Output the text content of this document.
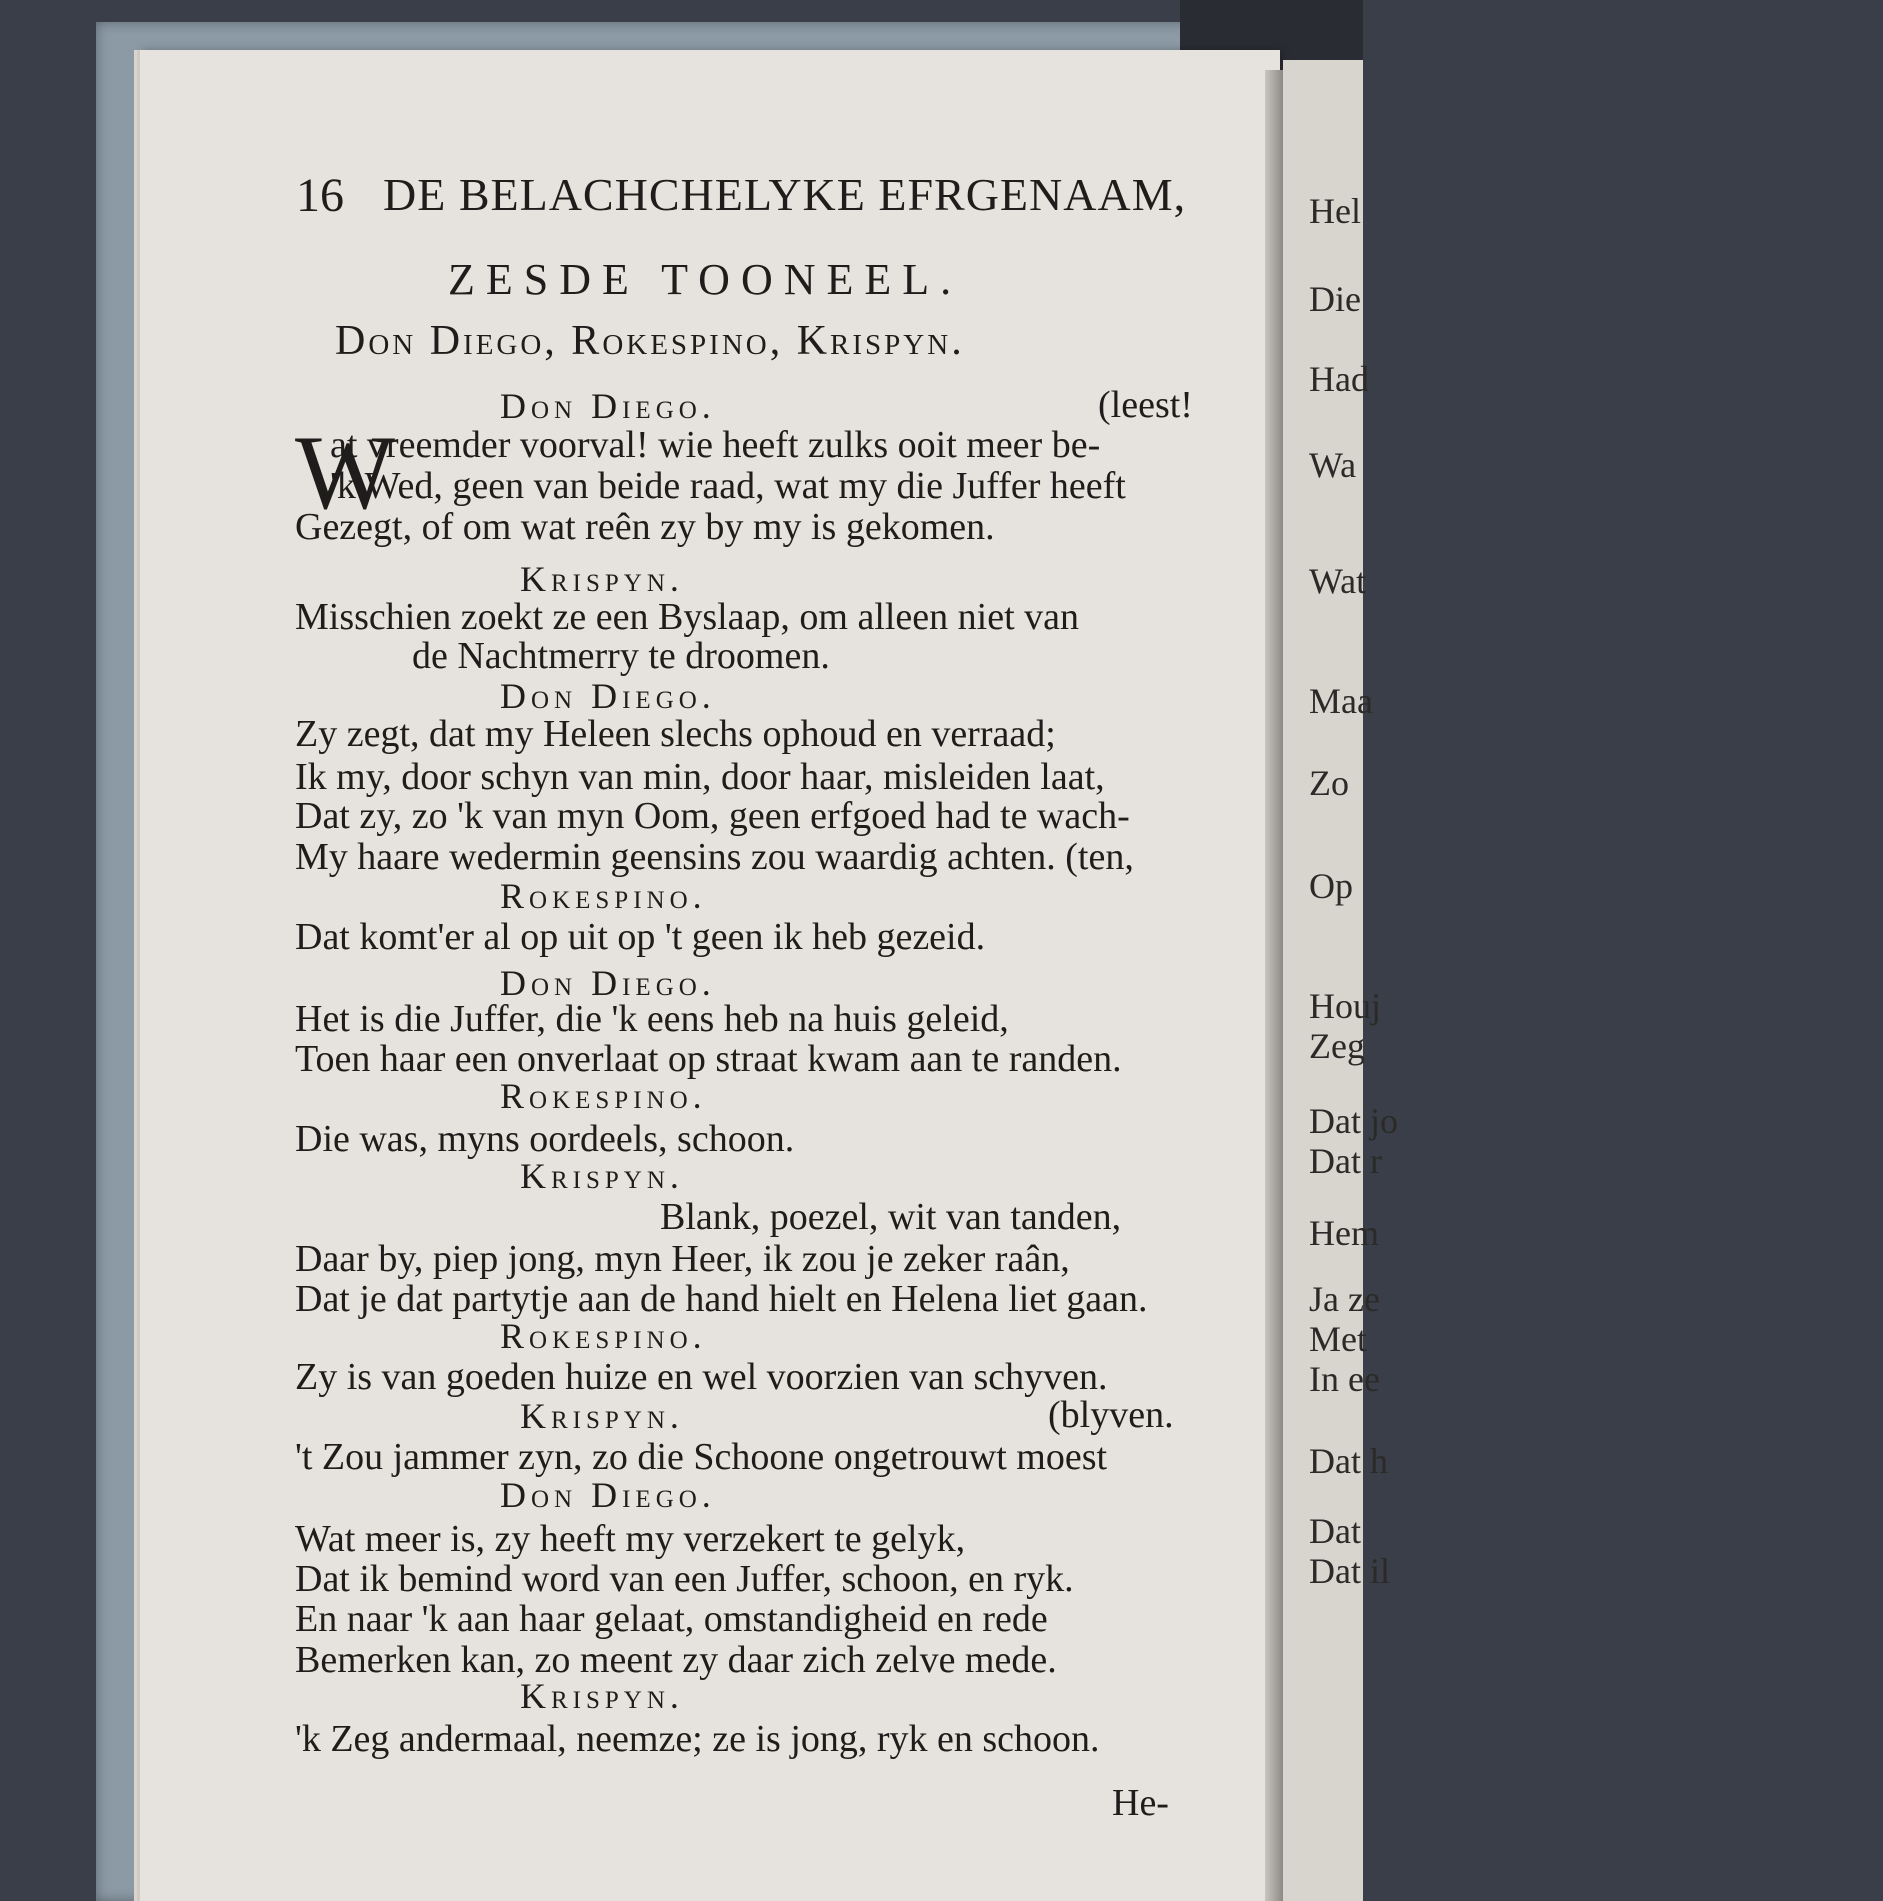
Hel
Die
Had
Wa
Wat
Maa
Zo
Op
Houj
Zeg
Dat jo
Dat r
Hem
Ja ze
Met
In ee
Dat h
Dat
Dat il
16 DE BELACHCHELYKE EFRGENAAM,
ZESDE TOONEEL.
Don Diego, Rokespino, Krispyn.
Don Diego.	(leest!
at vreemder voorval! wie heeft zulks ooit meer be-
W
'k Wed, geen van beide raad, wat my die Juffer heeft
Gezegt, of om wat reên zy by my is gekomen.
Krispyn.
Misschien zoekt ze een Byslaap, om alleen niet van
de Nachtmerry te droomen.
Don Diego.
Zy zegt, dat my Heleen slechs ophoud en verraad;
Ik my, door schyn van min, door haar, misleiden laat,
Dat zy, zo 'k van myn Oom, geen erfgoed had te wach-
My haare wedermin geensins zou waardig achten. (ten,
Rokespino.
Dat komt'er al op uit op 't geen ik heb gezeid.
Don Diego.
Het is die Juffer, die 'k eens heb na huis geleid,
Toen haar een onverlaat op straat kwam aan te randen.
Rokespino.
Die was, myns oordeels, schoon.
Krispyn.
Blank, poezel, wit van tanden,
Daar by, piep jong, myn Heer, ik zou je zeker raân,
Dat je dat partytje aan de hand hielt en Helena liet gaan.
Rokespino.
Zy is van goeden huize en wel voorzien van schyven.
Krispyn.	(blyven.
't Zou jammer zyn, zo die Schoone ongetrouwt moest
Don Diego.
Wat meer is, zy heeft my verzekert te gelyk,
Dat ik bemind word van een Juffer, schoon, en ryk.
En naar 'k aan haar gelaat, omstandigheid en rede
Bemerken kan, zo meent zy daar zich zelve mede.
Krispyn.
'k Zeg andermaal, neemze; ze is jong, ryk en schoon.
He-
